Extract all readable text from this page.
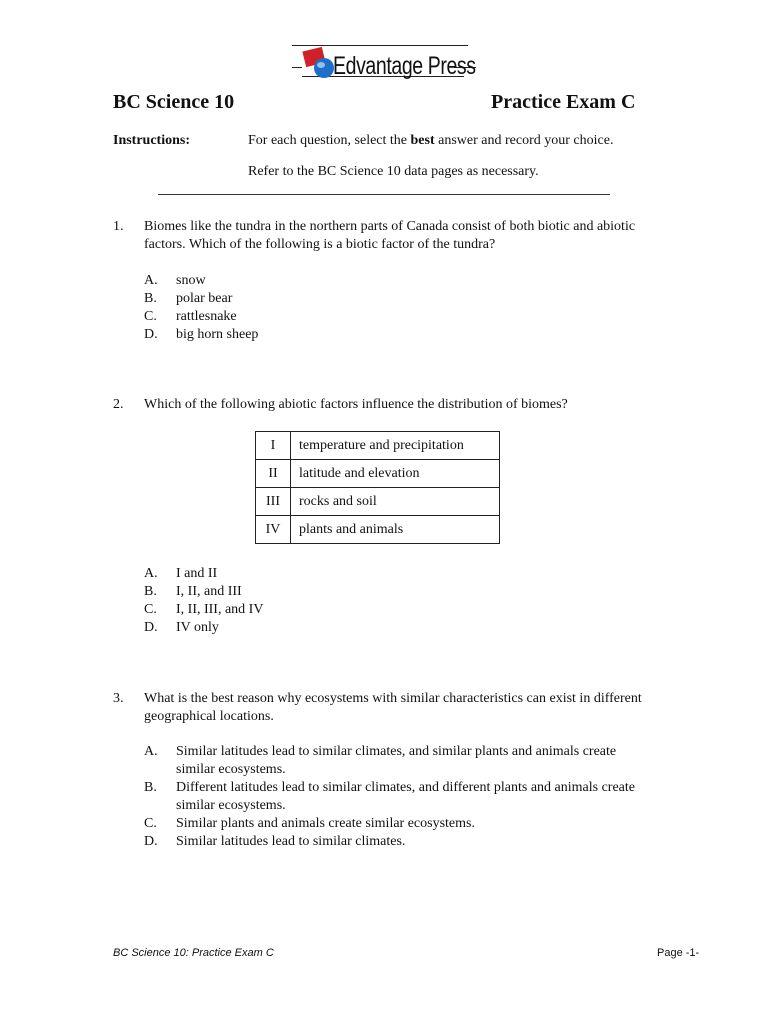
Edvantage Press
BC Science 10	Practice Exam C
Instructions:	For each question, select the best answer and record your choice.
Refer to the BC Science 10 data pages as necessary.
1. Biomes like the tundra in the northern parts of Canada consist of both biotic and abiotic factors. Which of the following is a biotic factor of the tundra?
A. snow
B. polar bear
C. rattlesnake
D. big horn sheep
2. Which of the following abiotic factors influence the distribution of biomes?
I	temperature and precipitation
II	latitude and elevation
III	rocks and soil
IV	plants and animals
A. I and II
B. I, II, and III
C. I, II, III, and IV
D. IV only
3. What is the best reason why ecosystems with similar characteristics can exist in different geographical locations.
A. Similar latitudes lead to similar climates, and similar plants and animals create similar ecosystems.
B. Different latitudes lead to similar climates, and different plants and animals create similar ecosystems.
C. Similar plants and animals create similar ecosystems.
D. Similar latitudes lead to similar climates.
BC Science 10: Practice Exam C	Page -1-
